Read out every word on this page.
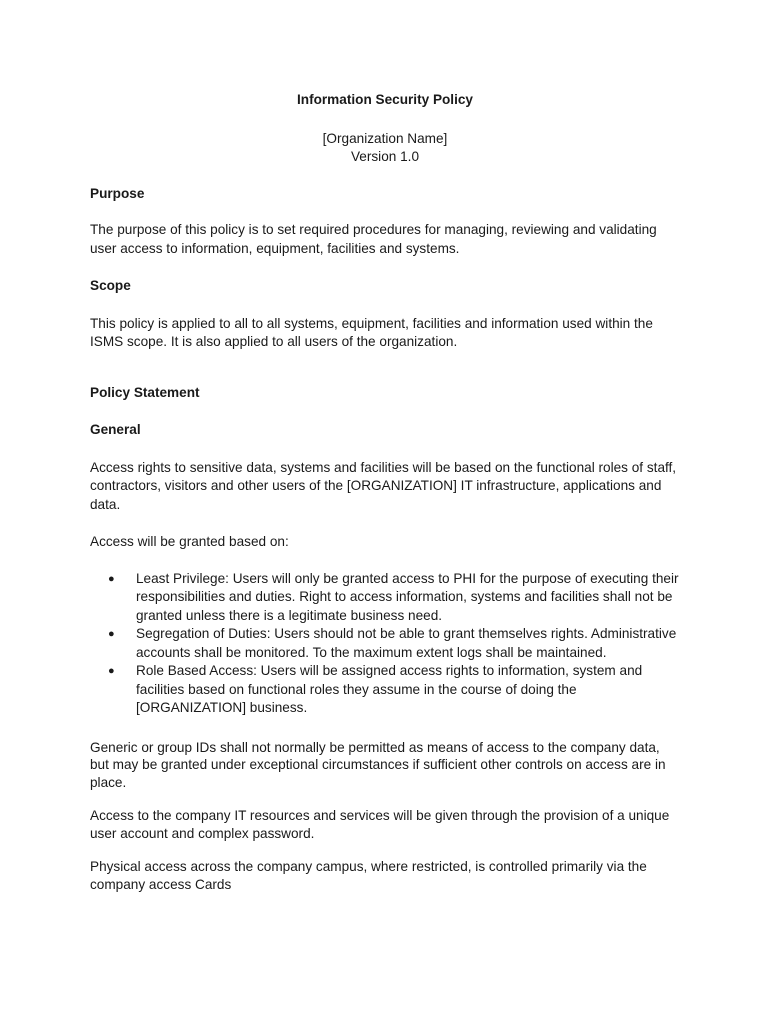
Information Security Policy

[Organization Name]

Version 1.0

Purpose

The purpose of this policy is to set required procedures for managing, reviewing and validating user access to information, equipment, facilities and systems.

Scope

This policy is applied to all to all systems, equipment, facilities and information used within the ISMS scope. It is also applied to all users of the organization.

Policy Statement
General

Access rights to sensitive data, systems and facilities will be based on the functional roles of staff, contractors, visitors and other users of the [ORGANIZATION] IT infrastructure, applications and data.

Access will be granted based on:

● Least Privilege: Users will only be granted access to PHI for the purpose of executing their responsibilities and duties. Right to access information, systems and facilities shall not be granted unless there is a legitimate business need.
● Segregation of Duties: Users should not be able to grant themselves rights. Administrative accounts shall be monitored. To the maximum extent logs shall be maintained.
● Role Based Access: Users will be assigned access rights to information, system and facilities based on functional roles they assume in the course of doing the [ORGANIZATION] business.

Generic or group IDs shall not normally be permitted as means of access to the company data, but may be granted under exceptional circumstances if sufficient other controls on access are in place.

Access to the company IT resources and services will be given through the provision of a unique user account and complex password.

Physical access across the company campus, where restricted, is controlled primarily via the company access Cards
